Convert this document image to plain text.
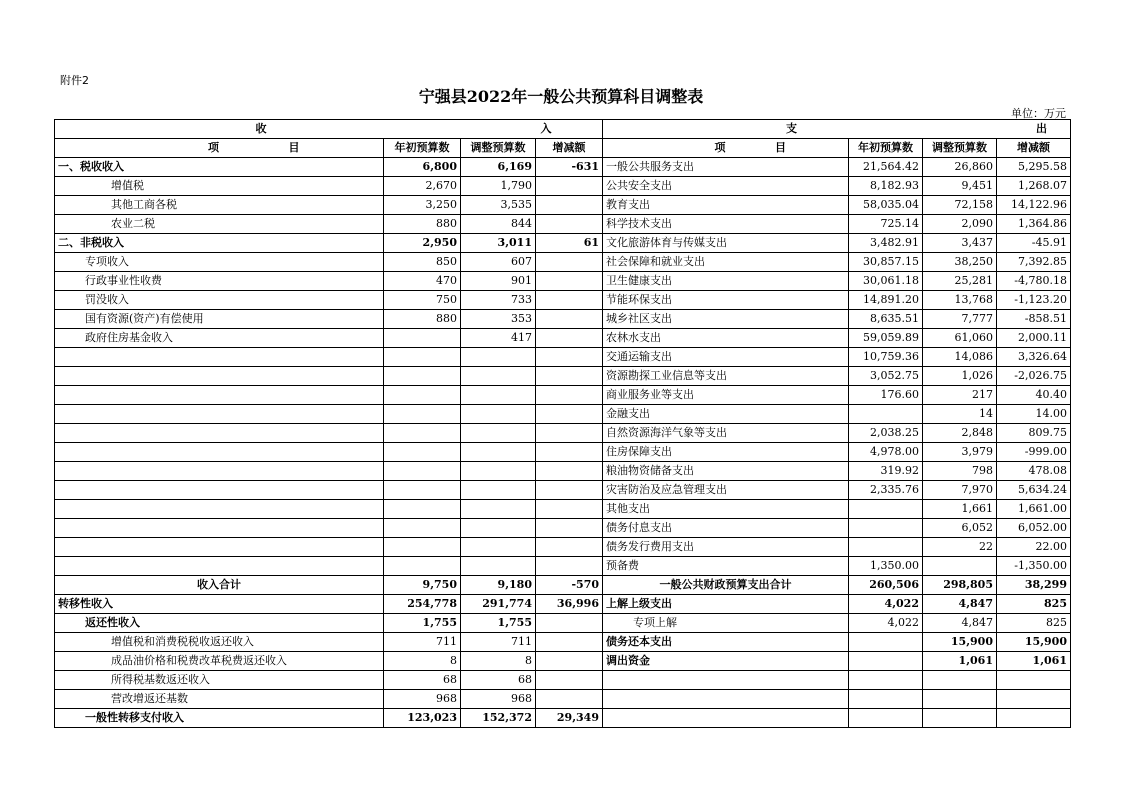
附件2
宁强县2022年一般公共预算科目调整表
单位：万元
收 入				支 出			
项 目	年初预算数	调整预算数	增减额	项 目	年初预算数	调整预算数	增减额
一、税收收入	6,800	6,169	-631	一般公共服务支出	21,564.42	26,860	5,295.58
增值税	2,670	1,790		公共安全支出	8,182.93	9,451	1,268.07
其他工商各税	3,250	3,535		教育支出	58,035.04	72,158	14,122.96
农业二税	880	844		科学技术支出	725.14	2,090	1,364.86
二、非税收入	2,950	3,011	61	文化旅游体育与传媒支出	3,482.91	3,437	-45.91
专项收入	850	607		社会保障和就业支出	30,857.15	38,250	7,392.85
行政事业性收费	470	901		卫生健康支出	30,061.18	25,281	-4,780.18
罚没收入	750	733		节能环保支出	14,891.20	13,768	-1,123.20
国有资源(资产)有偿使用	880	353		城乡社区支出	8,635.51	7,777	-858.51
政府住房基金收入		417		农林水支出	59,059.89	61,060	2,000.11
				交通运输支出	10,759.36	14,086	3,326.64
				资源勘探工业信息等支出	3,052.75	1,026	-2,026.75
				商业服务业等支出	176.60	217	40.40
				金融支出		14	14.00
				自然资源海洋气象等支出	2,038.25	2,848	809.75
				住房保障支出	4,978.00	3,979	-999.00
				粮油物资储备支出	319.92	798	478.08
				灾害防治及应急管理支出	2,335.76	7,970	5,634.24
				其他支出		1,661	1,661.00
				债务付息支出		6,052	6,052.00
				债务发行费用支出		22	22.00
				预备费	1,350.00		-1,350.00
收入合计	9,750	9,180	-570	一般公共财政预算支出合计	260,506	298,805	38,299
转移性收入	254,778	291,774	36,996	上解上级支出	4,022	4,847	825
返还性收入	1,755	1,755		专项上解	4,022	4,847	825
增值税和消费税税收返还收入	711	711		债务还本支出		15,900	15,900
成品油价格和税费改革税费返还收入	8	8		调出资金		1,061	1,061
所得税基数返还收入	68	68					
营改增返还基数	968	968					
一般性转移支付收入	123,023	152,372	29,349				
